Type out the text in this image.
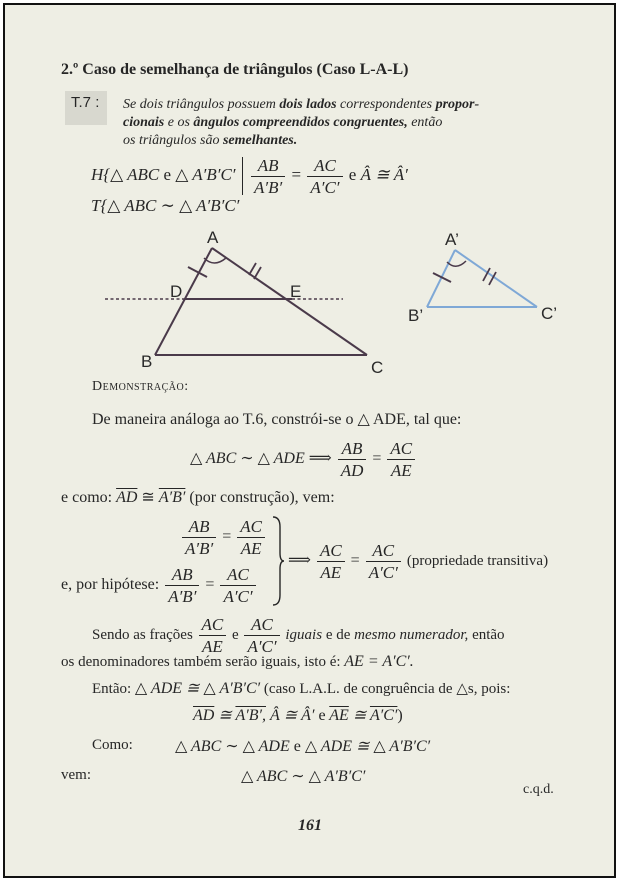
2.º Caso de semelhança de triângulos (Caso L-A-L)
T.7 : Se dois triângulos possuem dois lados correspondentes propor-
cionais e os ângulos compreendidos congruentes, então
os triângulos são semelhantes.
H{△ ABC e △ $A'B'C' \frac{AB}{A'B'} = \frac{AC}{A'C'}$ e Â ≅ Â′
T{△ ABC ∼ △ A′B′C′
A
D	E
B	C
A’
B’	C’
Demonstração:
De maneira análoga ao T.6, constrói-se o △ ADE, tal que:
△ ABC ∼ △ ADE ⟹ $\frac{AB}{AD} = \frac{AC}{AE}$
e como: $\overline{AD}$ ≅ A′B′ (por construção), vem:
$\frac{AB}{A'B'} = \frac{AC}{AE}$
e, por hipótese: $\frac{AB}{A'B'} = \frac{AC}{A'C'}$
⟹ $\frac{AC}{AE} = \frac{AC}{A'C'}$ (propriedade transitiva)
Sendo as frações $\frac{AC}{AE}$ e $\frac{AC}{A'C'}$ iguais e de mesmo numerador, então
os denominadores também serão iguais, isto é: AE = A′C′.
Então: △ ADE ≅ △ A′B′C′ (caso L.A.L. de congruência de △s, pois:
$\overline{AD}$ ≅ A′B′, Â ≅ Â′ e $\overline{AE}$ ≅ A′C′)
Como:	△ ABC ∼ △ ADE e △ ADE ≅ △ A′B′C′
vem:	△ ABC ∼ △ A′B′C′
c.q.d.
161
